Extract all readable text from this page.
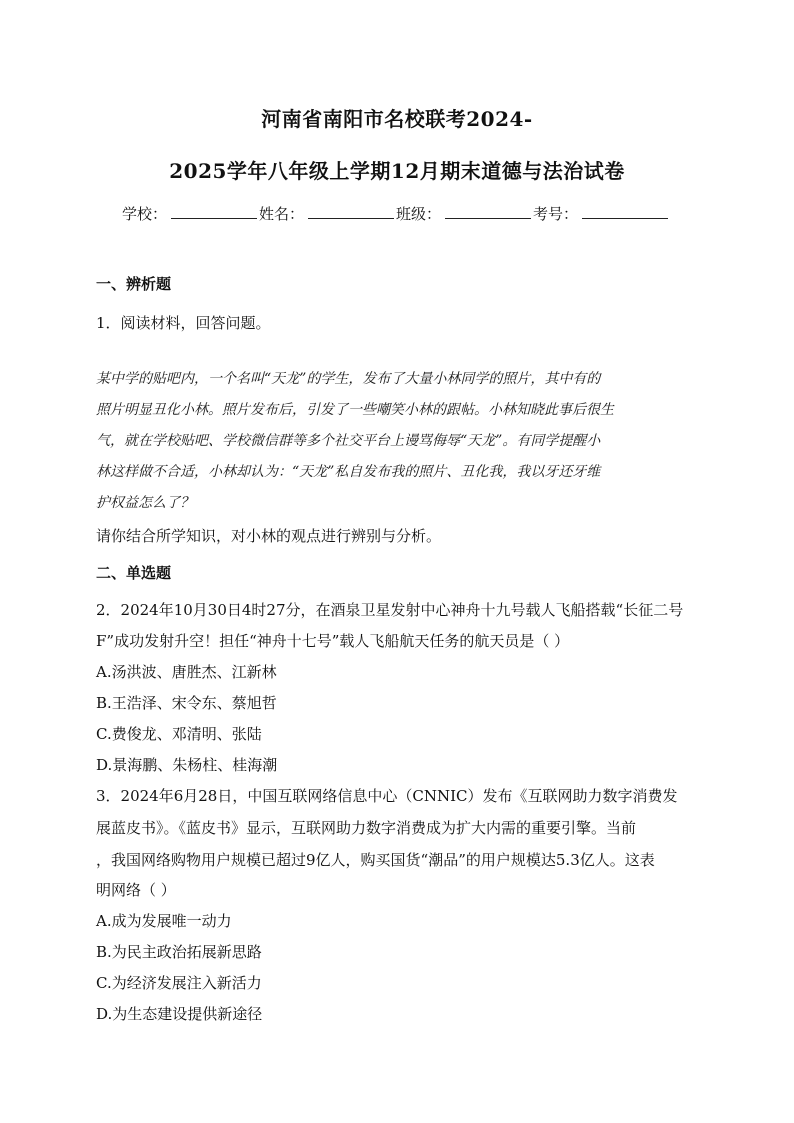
河南省南阳市名校联考2024-
2025学年八年级上学期12月期末道德与法治试卷
学校：	姓名：	班级：	考号：
一、辨析题
1．阅读材料，回答问题。
某中学的贴吧内，一个名叫“天龙”的学生，发布了大量小林同学的照片，其中有的
照片明显丑化小林。照片发布后，引发了一些嘲笑小林的跟帖。小林知晓此事后很生
气，就在学校贴吧、学校微信群等多个社交平台上谩骂侮辱“天龙”。有同学提醒小
林这样做不合适，小林却认为：“天龙”私自发布我的照片、丑化我，我以牙还牙维
护权益怎么了？
请你结合所学知识，对小林的观点进行辨别与分析。
二、单选题
2．2024年10月30日4时27分，在酒泉卫星发射中心神舟十九号载人飞船搭载“长征二号
F”成功发射升空！担任“神舟十七号”载人飞船航天任务的航天员是（ ）
A.汤洪波、唐胜杰、江新林
B.王浩泽、宋令东、蔡旭哲
C.费俊龙、邓清明、张陆
D.景海鹏、朱杨柱、桂海潮
3．2024年6月28日，中国互联网络信息中心（CNNIC）发布《互联网助力数字消费发
展蓝皮书》。《蓝皮书》显示，互联网助力数字消费成为扩大内需的重要引擎。当前
，我国网络购物用户规模已超过9亿人，购买国货“潮品”的用户规模达5.3亿人。这表
明网络（ ）
A.成为发展唯一动力
B.为民主政治拓展新思路
C.为经济发展注入新活力
D.为生态建设提供新途径
